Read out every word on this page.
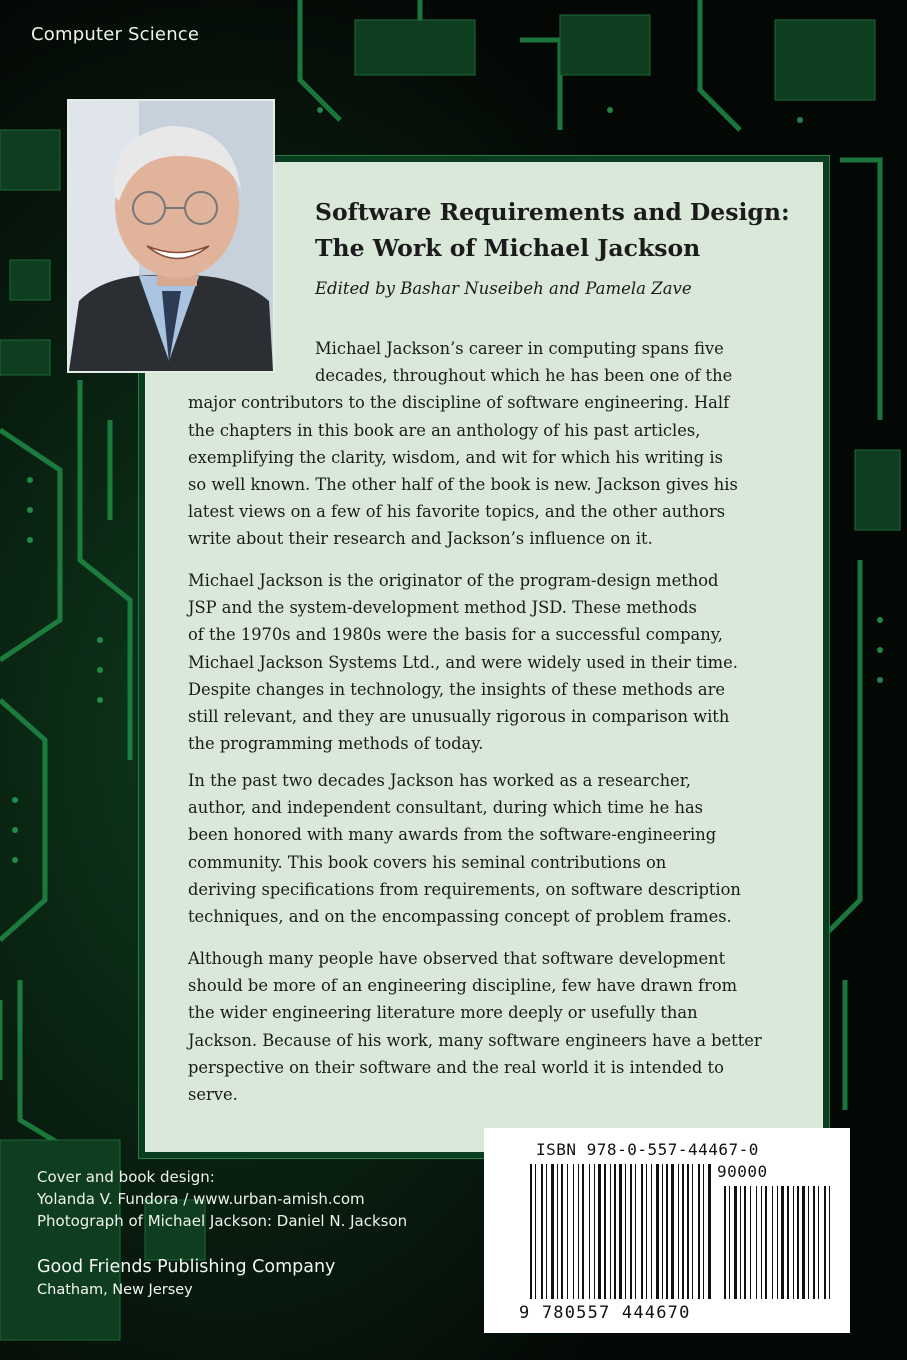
Computer Science
Software Requirements and Design:
The Work of Michael Jackson
Edited by Bashar Nuseibeh and Pamela Zave
Michael Jackson’s career in computing spans five
decades, throughout which he has been one of the
major contributors to the discipline of software engineering. Half
the chapters in this book are an anthology of his past articles,
exemplifying the clarity, wisdom, and wit for which his writing is
so well known. The other half of the book is new. Jackson gives his
latest views on a few of his favorite topics, and the other authors
write about their research and Jackson’s influence on it.
Michael Jackson is the originator of the program-design method
JSP and the system-development method JSD. These methods
of the 1970s and 1980s were the basis for a successful company,
Michael Jackson Systems Ltd., and were widely used in their time.
Despite changes in technology, the insights of these methods are
still relevant, and they are unusually rigorous in comparison with
the programming methods of today.
In the past two decades Jackson has worked as a researcher,
author, and independent consultant, during which time he has
been honored with many awards from the software-engineering
community. This book covers his seminal contributions on
deriving specifications from requirements, on software description
techniques, and on the encompassing concept of problem frames.
Although many people have observed that software development
should be more of an engineering discipline, few have drawn from
the wider engineering literature more deeply or usefully than
Jackson. Because of his work, many software engineers have a better
perspective on their software and the real world it is intended to
serve.
Cover and book design:
Yolanda V. Fundora / www.urban-amish.com
Photograph of Michael Jackson: Daniel N. Jackson
Good Friends Publishing Company
Chatham, New Jersey
ISBN 978-0-557-44467-0
90000
9 780557 444670
